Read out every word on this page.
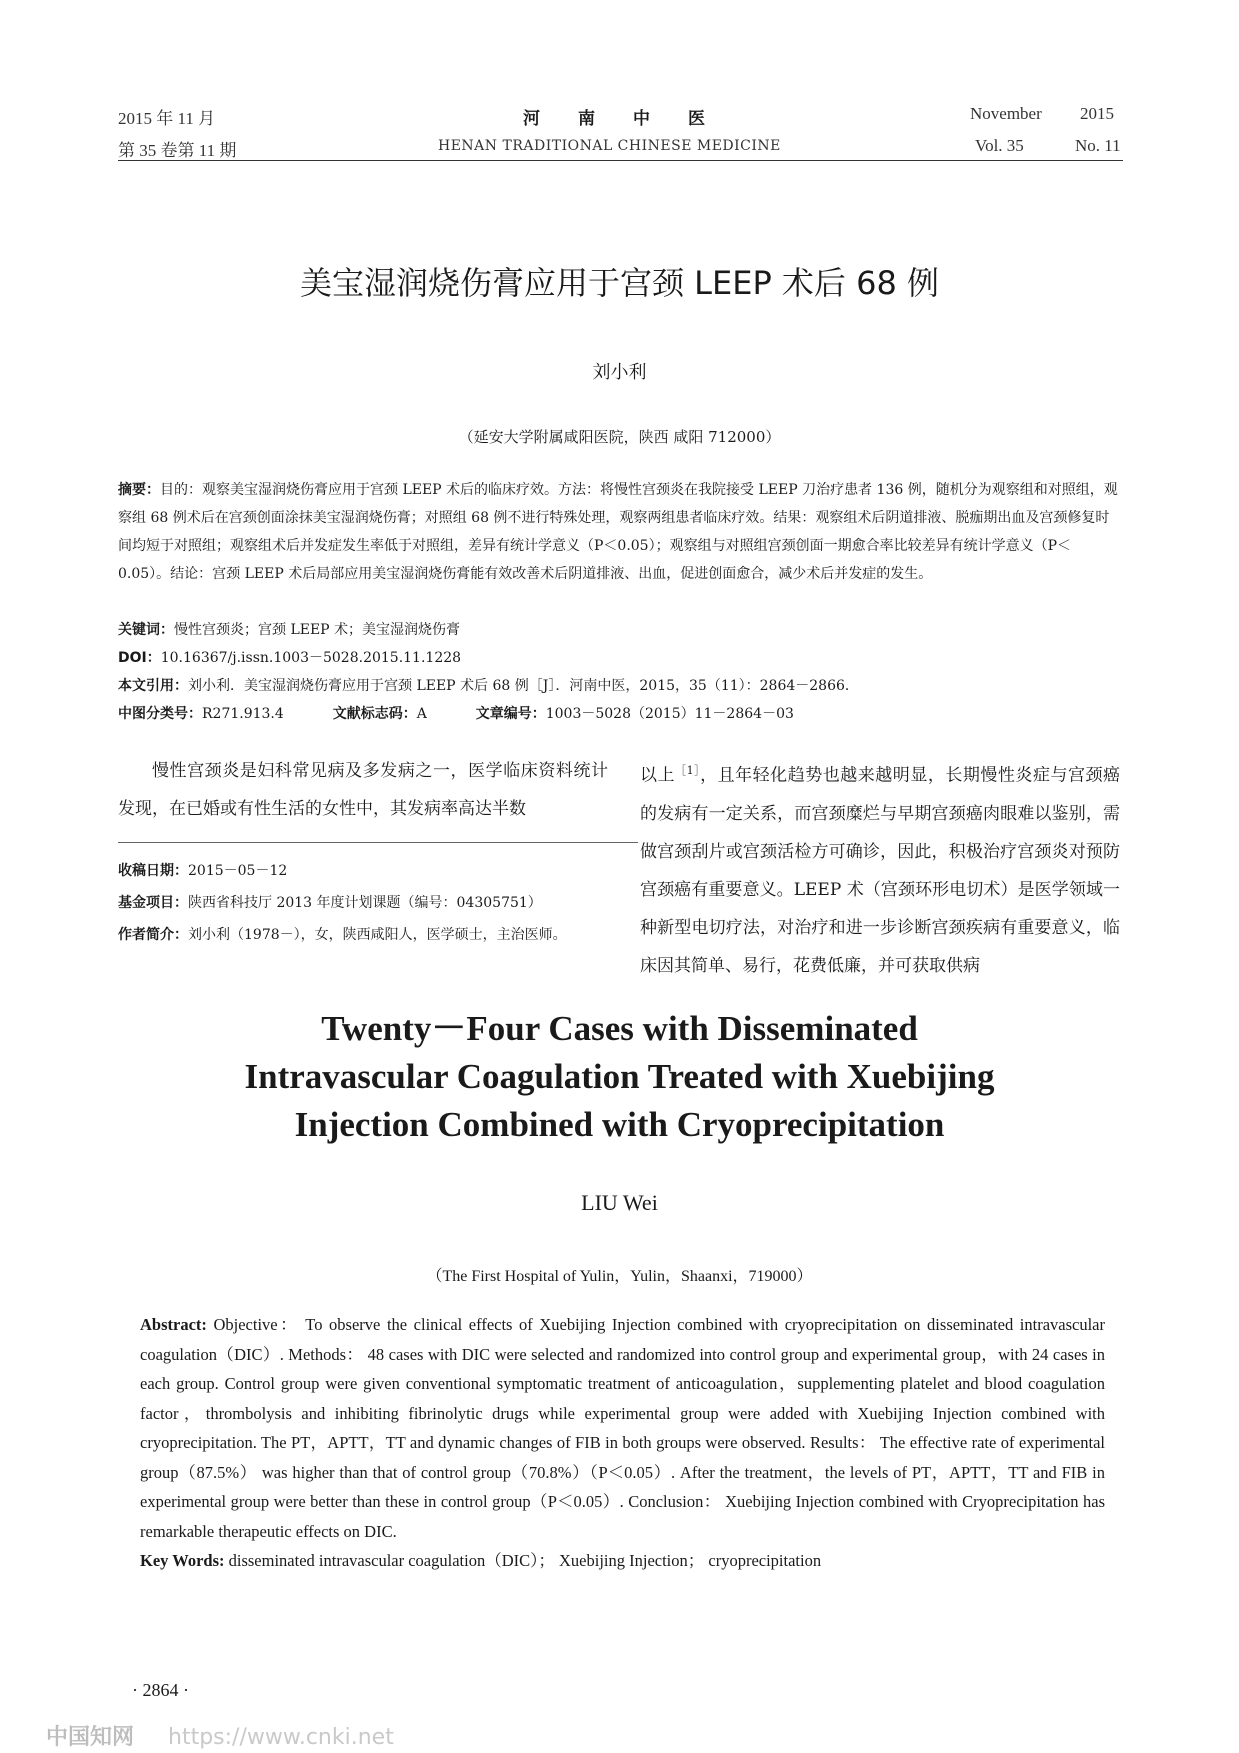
2015 年 11 月
第 35 卷第 11 期
河南中医
HENAN TRADITIONAL CHINESE MEDICINE
November 2015
Vol. 35	No. 11
美宝湿润烧伤膏应用于宫颈 LEEP 术后 68 例
刘小利
（延安大学附属咸阳医院，陕西 咸阳 712000）
摘要：目的：观察美宝湿润烧伤膏应用于宫颈 LEEP 术后的临床疗效。方法：将慢性宫颈炎在我院接受 LEEP 刀治疗患者 136 例，随机分为观察组和对照组，观察组 68 例术后在宫颈创面涂抹美宝湿润烧伤膏；对照组 68 例不进行特殊处理，观察两组患者临床疗效。结果：观察组术后阴道排液、脱痂期出血及宫颈修复时间均短于对照组；观察组术后并发症发生率低于对照组，差异有统计学意义（P＜0.05）；观察组与对照组宫颈创面一期愈合率比较差异有统计学意义（P＜0.05）。结论：宫颈 LEEP 术后局部应用美宝湿润烧伤膏能有效改善术后阴道排液、出血，促进创面愈合，减少术后并发症的发生。
关键词：慢性宫颈炎；宫颈 LEEP 术；美宝湿润烧伤膏
DOI：10.16367/j.issn.1003－5028.2015.11.1228
本文引用：刘小利．美宝湿润烧伤膏应用于宫颈 LEEP 术后 68 例［J］．河南中医，2015，35（11）：2864－2866．
中图分类号：R271.913.4	文献标志码：A	文章编号：1003－5028（2015）11－2864－03
慢性宫颈炎是妇科常见病及多发病之一，医学临床资料统计发现，在已婚或有性生活的女性中，其发病率高达半数
以上$^{[1]}$，且年轻化趋势也越来越明显，长期慢性炎症与宫颈癌的发病有一定关系，而宫颈糜烂与早期宫颈癌肉眼难以鉴别，需做宫颈刮片或宫颈活检方可确诊，因此，积极治疗宫颈炎对预防宫颈癌有重要意义。LEEP 术（宫颈环形电切术）是医学领域一种新型电切疗法，对治疗和进一步诊断宫颈疾病有重要意义，临床因其简单、易行，花费低廉，并可获取供病
收稿日期：2015－05－12
基金项目：陕西省科技厅 2013 年度计划课题（编号：04305751）
作者简介：刘小利（1978－），女，陕西咸阳人，医学硕士，主治医师。
Twenty－Four Cases with Disseminated
Intravascular Coagulation Treated with Xuebijing
Injection Combined with Cryoprecipitation
LIU Wei
（The First Hospital of Yulin，Yulin，Shaanxi，719000）
Abstract: Objective： To observe the clinical effects of Xuebijing Injection combined with cryoprecipitation on disseminated intravascular coagulation（DIC）. Methods： 48 cases with DIC were selected and randomized into control group and experimental group，with 24 cases in each group. Control group were given conventional symptomatic treatment of anticoagulation，supplementing platelet and blood coagulation factor，thrombolysis and inhibiting fibrinolytic drugs while experimental group were added with Xuebijing Injection combined with cryoprecipitation. The PT，APTT，TT and dynamic changes of FIB in both groups were observed. Results： The effective rate of experimental group（87.5%） was higher than that of control group（70.8%）（P＜0.05）. After the treatment，the levels of PT，APTT，TT and FIB in experimental group were better than these in control group（P＜0.05）. Conclusion： Xuebijing Injection combined with Cryoprecipitation has remarkable therapeutic effects on DIC.
Key Words: disseminated intravascular coagulation（DIC）； Xuebijing Injection； cryoprecipitation
· 2864 ·
中国知网 https://www.cnki.net
